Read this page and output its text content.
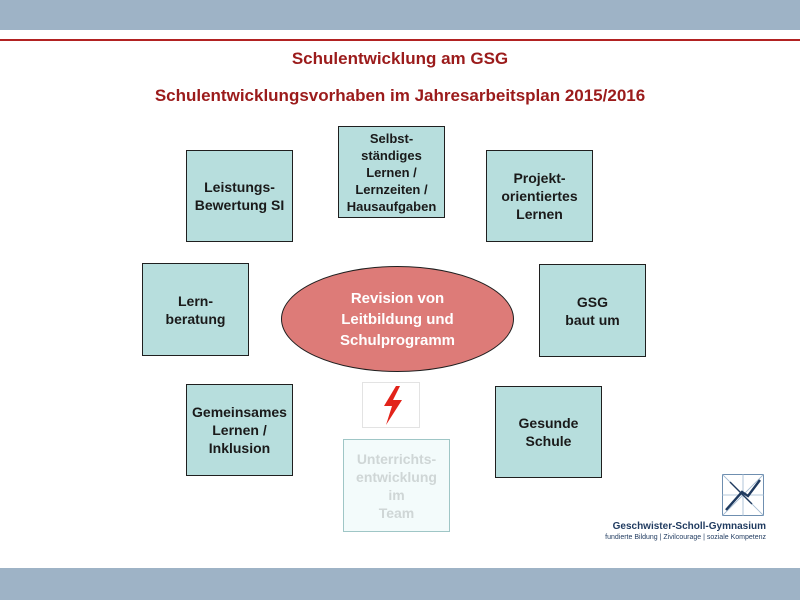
Schulentwicklung am GSG
Schulentwicklungsvorhaben im Jahresarbeitsplan 2015/2016
Leistungs-
Bewertung SI
Selbst-
ständiges
Lernen /
Lernzeiten /
Hausaufgaben
Projekt-
orientiertes
Lernen
Lern-
beratung
GSG
baut um
Gemeinsames
Lernen /
Inklusion
Gesunde
Schule
Unterrichts-
entwicklung
im
Team
Revision von
Leitbildung und
Schulprogramm
Geschwister-Scholl-Gymnasium
fundierte Bildung | Zivilcourage | soziale Kompetenz
